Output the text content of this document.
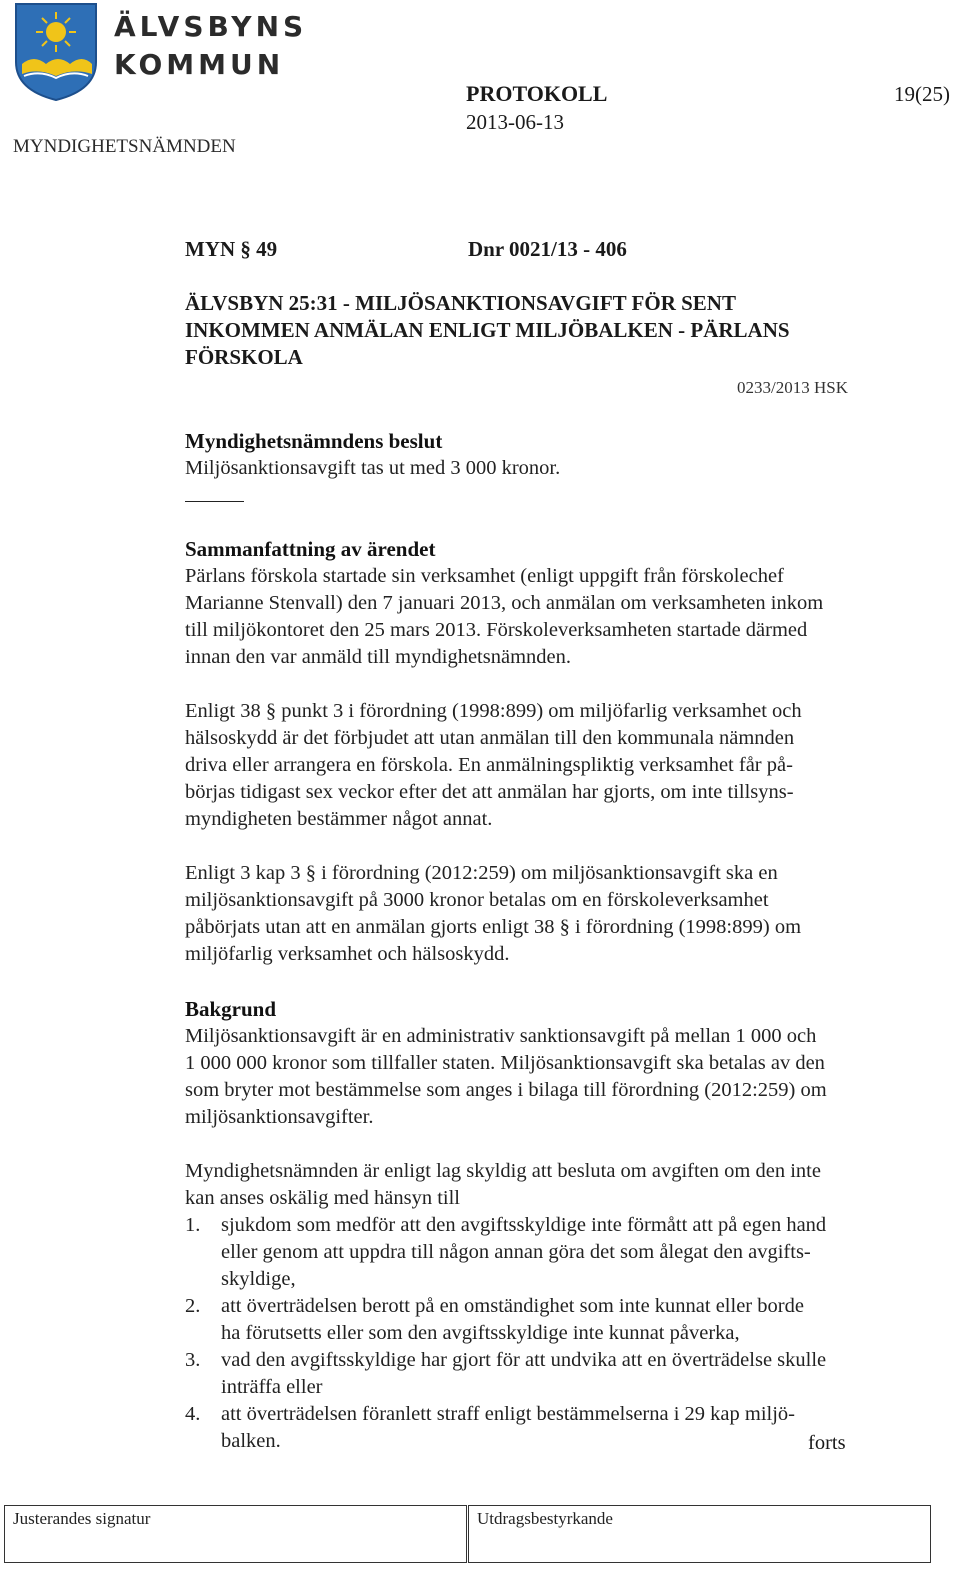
ÄLVSBYNS
KOMMUN
MYNDIGHETSNÄMNDEN
PROTOKOLL
2013-06-13
19(25)
MYN § 49	Dnr 0021/13 - 406
ÄLVSBYN 25:31 - MILJÖSANKTIONSAVGIFT FÖR SENT
INKOMMEN ANMÄLAN ENLIGT MILJÖBALKEN - PÄRLANS
FÖRSKOLA
0233/2013 HSK
Myndighetsnämndens beslut
Miljösanktionsavgift tas ut med 3 000 kronor.
Sammanfattning av ärendet
Pärlans förskola startade sin verksamhet (enligt uppgift från förskolechef
Marianne Stenvall) den 7 januari 2013, och anmälan om verksamheten inkom
till miljökontoret den 25 mars 2013. Förskoleverksamheten startade därmed
innan den var anmäld till myndighetsnämnden.
Enligt 38 § punkt 3 i förordning (1998:899) om miljöfarlig verksamhet och
hälsoskydd är det förbjudet att utan anmälan till den kommunala nämnden
driva eller arrangera en förskola. En anmälningspliktig verksamhet får på-
börjas tidigast sex veckor efter det att anmälan har gjorts, om inte tillsyns-
myndigheten bestämmer något annat.
Enligt 3 kap 3 § i förordning (2012:259) om miljösanktionsavgift ska en
miljösanktionsavgift på 3000 kronor betalas om en förskoleverksamhet
påbörjats utan att en anmälan gjorts enligt 38 § i förordning (1998:899) om
miljöfarlig verksamhet och hälsoskydd.
Bakgrund
Miljösanktionsavgift är en administrativ sanktionsavgift på mellan 1 000 och
1 000 000 kronor som tillfaller staten. Miljösanktionsavgift ska betalas av den
som bryter mot bestämmelse som anges i bilaga till förordning (2012:259) om
miljösanktionsavgifter.
Myndighetsnämnden är enligt lag skyldig att besluta om avgiften om den inte
kan anses oskälig med hänsyn till
1. sjukdom som medför att den avgiftsskyldige inte förmått att på egen hand
eller genom att uppdra till någon annan göra det som ålegat den avgifts-
skyldige,
2. att överträdelsen berott på en omständighet som inte kunnat eller borde
ha förutsetts eller som den avgiftsskyldige inte kunnat påverka,
3. vad den avgiftsskyldige har gjort för att undvika att en överträdelse skulle
inträffa eller
4. att överträdelsen föranlett straff enligt bestämmelserna i 29 kap miljö-
balken.	forts
Justerandes signatur	Utdragsbestyrkande
